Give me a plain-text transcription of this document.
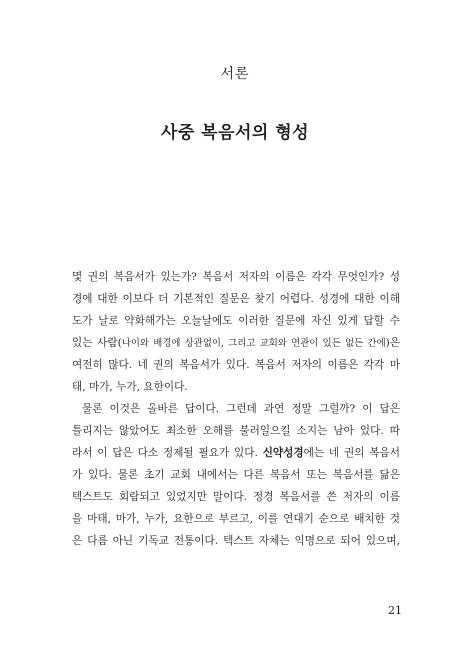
서론
사중 복음서의 형성
몇 권의 복음서가 있는가? 복음서 저자의 이름은 각각 무엇인가? 성
경에 대한 이보다 더 기본적인 질문은 찾기 어렵다. 성경에 대한 이해
도가 날로 약화해가는 오늘날에도 이러한 질문에 자신 있게 답할 수
있는 사람(나이와 배경에 상관없이, 그리고 교회와 연관이 있든 없든 간에)은
여전히 많다. 네 권의 복음서가 있다. 복음서 저자의 이름은 각각 마
태, 마가, 누가, 요한이다.
물론 이것은 올바른 답이다. 그런데 과연 정말 그럴까? 이 답은
틀리지는 않았어도 최소한 오해를 불러일으킬 소지는 남아 있다. 따
라서 이 답은 다소 정제될 필요가 있다. 신약성경에는 네 권의 복음서
가 있다. 물론 초기 교회 내에서는 다른 복음서 또는 복음서를 닮은
텍스트도 회람되고 있었지만 말이다. 정경 복음서를 쓴 저자의 이름
을 마태, 마가, 누가, 요한으로 부르고, 이를 연대기 순으로 배치한 것
은 다름 아닌 기독교 전통이다. 텍스트 자체는 익명으로 되어 있으며,
21
